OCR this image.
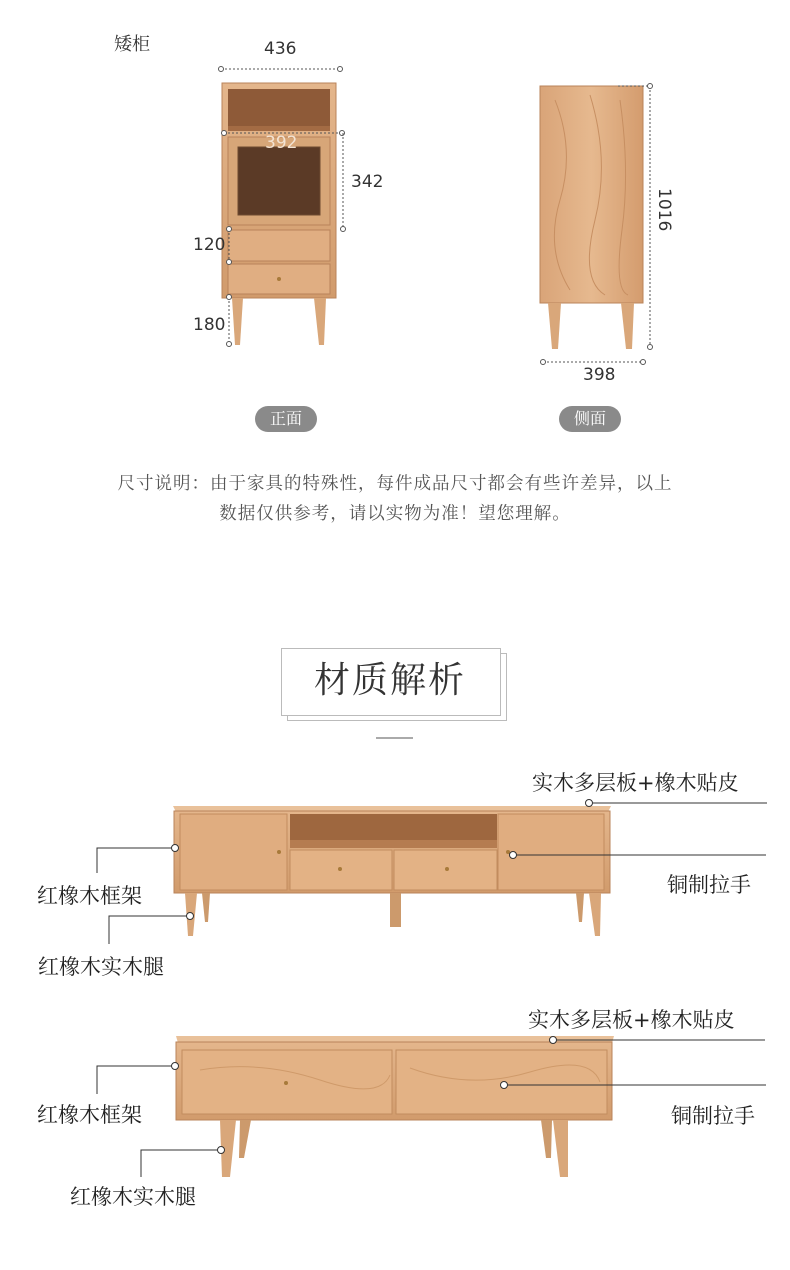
矮柜	436
392
342
120
180
1016
398
正面	侧面
尺寸说明：由于家具的特殊性，每件成品尺寸都会有些许差异，以上
数据仅供参考，请以实物为准！望您理解。
材质解析
实木多层板+橡木贴皮
红橡木框架	铜制拉手
红橡木实木腿
实木多层板+橡木贴皮
红橡木框架	铜制拉手
红橡木实木腿
